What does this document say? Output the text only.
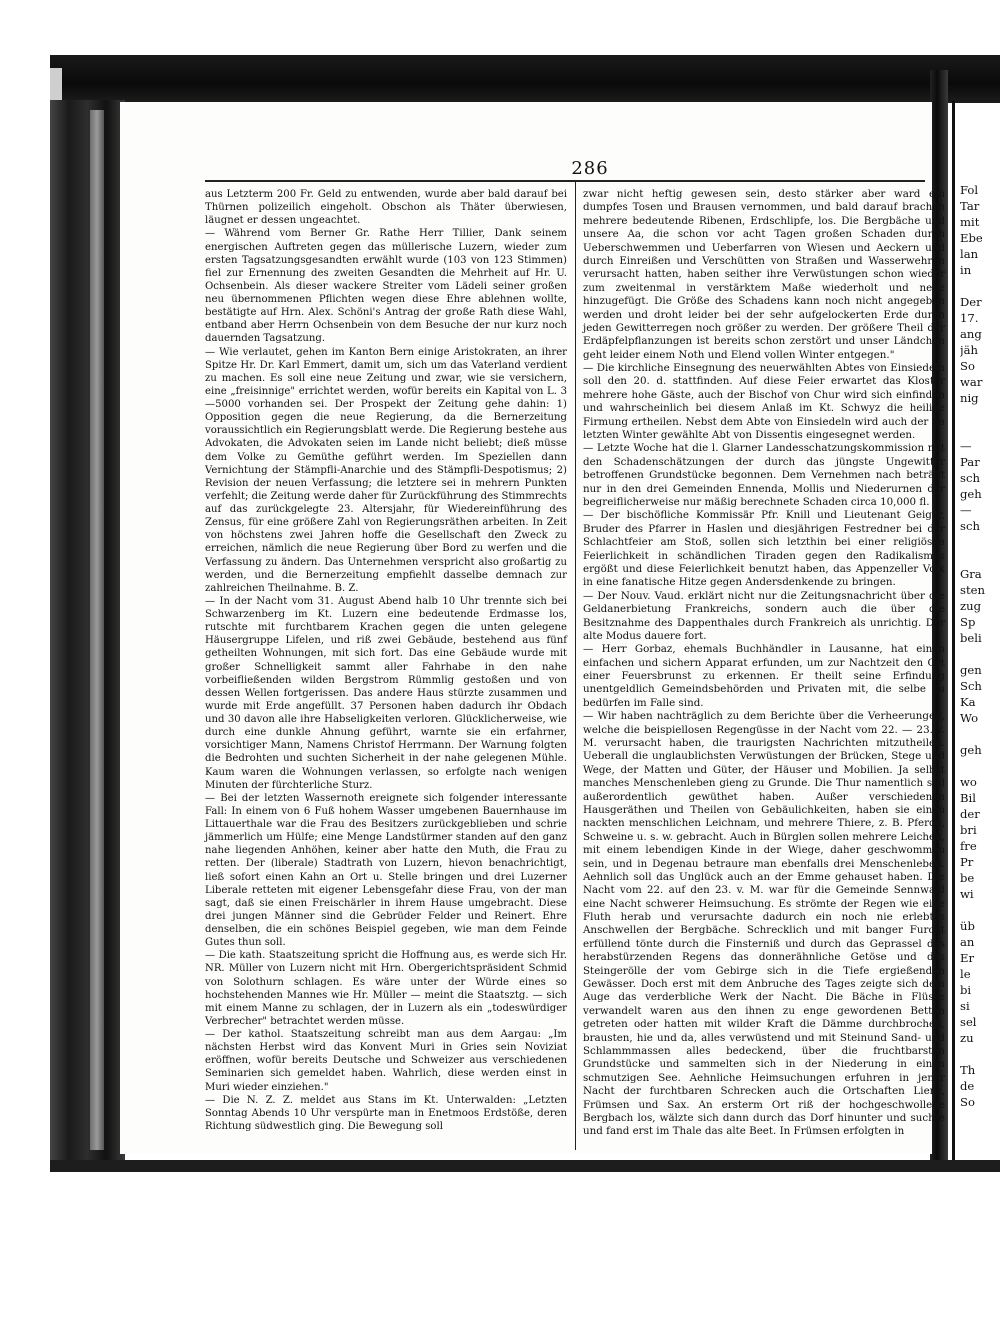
286

aus Letzterm 200 Fr. Geld zu entwenden, wurde aber bald darauf bei Thürnen polizeilich eingeholt. Obschon als Thäter überwiesen, läugnet er dessen ungeachtet.

— Während vom Berner Gr. Rathe Herr Tillier, Dank seinem energischen Auftreten gegen das müllerische Luzern, wieder zum ersten Tagsatzungsgesandten erwählt wurde (103 von 123 Stimmen) fiel zur Ernennung des zweiten Gesandten die Mehrheit auf Hr. U. Ochsenbein. Als dieser wackere Streiter vom Lädeli seiner großen neu übernommenen Pflichten wegen diese Ehre ablehnen wollte, bestätigte auf Hrn. Alex. Schöni's Antrag der große Rath diese Wahl, entband aber Herrn Ochsenbein von dem Besuche der nur kurz noch dauernden Tagsatzung.

— Wie verlautet, gehen im Kanton Bern einige Aristokraten, an ihrer Spitze Hr. Dr. Karl Emmert, damit um, sich um das Vaterland verdient zu machen. Es soll eine neue Zeitung und zwar, wie sie versichern, eine „freisinnige" errichtet werden, wofür bereits ein Kapital von L. 3—5000 vorhanden sei. Der Prospekt der Zeitung gehe dahin: 1) Opposition gegen die neue Regierung, da die Bernerzeitung voraussichtlich ein Regierungsblatt werde. Die Regierung bestehe aus Advokaten, die Advokaten seien im Lande nicht beliebt; dieß müsse dem Volke zu Gemüthe geführt werden. Im Speziellen dann Vernichtung der Stämpfli-Anarchie und des Stämpfli-Despotismus; 2) Revision der neuen Verfassung; die letztere sei in mehrern Punkten verfehlt; die Zeitung werde daher für Zurückführung des Stimmrechts auf das zurückgelegte 23. Altersjahr, für Wiedereinführung des Zensus, für eine größere Zahl von Regierungsräthen arbeiten. In Zeit von höchstens zwei Jahren hoffe die Gesellschaft den Zweck zu erreichen, nämlich die neue Regierung über Bord zu werfen und die Verfassung zu ändern. Das Unternehmen verspricht also großartig zu werden, und die Bernerzeitung empfiehlt dasselbe demnach zur zahlreichen Theilnahme. B. Z.

— In der Nacht vom 31. August Abend halb 10 Uhr trennte sich bei Schwarzenberg im Kt. Luzern eine bedeutende Erdmasse los, rutschte mit furchtbarem Krachen gegen die unten gelegene Häusergruppe Lifelen, und riß zwei Gebäude, bestehend aus fünf getheilten Wohnungen, mit sich fort. Das eine Gebäude wurde mit großer Schnelligkeit sammt aller Fahrhabe in den nahe vorbeifließenden wilden Bergstrom Rümmlig gestoßen und von dessen Wellen fortgerissen. Das andere Haus stürzte zusammen und wurde mit Erde angefüllt. 37 Personen haben dadurch ihr Obdach und 30 davon alle ihre Habseligkeiten verloren. Glücklicherweise, wie durch eine dunkle Ahnung geführt, warnte sie ein erfahrner, vorsichtiger Mann, Namens Christof Herrmann. Der Warnung folgten die Bedrohten und suchten Sicherheit in der nahe gelegenen Mühle. Kaum waren die Wohnungen verlassen, so erfolgte nach wenigen Minuten der fürchterliche Sturz.

— Bei der letzten Wassernoth ereignete sich folgender interessante Fall: In einem von 6 Fuß hohem Wasser umgebenen Bauernhause im Littauerthale war die Frau des Besitzers zurückgeblieben und schrie jämmerlich um Hülfe; eine Menge Landstürmer standen auf den ganz nahe liegenden Anhöhen, keiner aber hatte den Muth, die Frau zu retten. Der (liberale) Stadtrath von Luzern, hievon benachrichtigt, ließ sofort einen Kahn an Ort u. Stelle bringen und drei Luzerner Liberale retteten mit eigener Lebensgefahr diese Frau, von der man sagt, daß sie einen Freischärler in ihrem Hause umgebracht. Diese drei jungen Männer sind die Gebrüder Felder und Reinert. Ehre denselben, die ein schönes Beispiel gegeben, wie man dem Feinde Gutes thun soll.

— Die kath. Staatszeitung spricht die Hoffnung aus, es werde sich Hr. NR. Müller von Luzern nicht mit Hrn. Obergerichtspräsident Schmid von Solothurn schlagen. Es wäre unter der Würde eines so hochstehenden Mannes wie Hr. Müller — meint die Staatsztg. — sich mit einem Manne zu schlagen, der in Luzern als ein „todeswürdiger Verbrecher" betrachtet werden müsse.

— Der kathol. Staatszeitung schreibt man aus dem Aargau: „Im nächsten Herbst wird das Konvent Muri in Gries sein Noviziat eröffnen, wofür bereits Deutsche und Schweizer aus verschiedenen Seminarien sich gemeldet haben. Wahrlich, diese werden einst in Muri wieder einziehen."

— Die N. Z. Z. meldet aus Stans im Kt. Unterwalden: „Letzten Sonntag Abends 10 Uhr verspürte man in Enetmoos Erdstöße, deren Richtung südwestlich ging. Die Bewegung soll

zwar nicht heftig gewesen sein, desto stärker aber ward ein dumpfes Tosen und Brausen vernommen, und bald darauf brachen mehrere bedeutende Ribenen, Erdschlipfe, los. Die Bergbäche und unsere Aa, die schon vor acht Tagen großen Schaden durch Ueberschwemmen und Ueberfarren von Wiesen und Aeckern und durch Einreißen und Verschütten von Straßen und Wasserwehren verursacht hatten, haben seither ihre Verwüstungen schon wieder zum zweitenmal in verstärktem Maße wiederholt und neue hinzugefügt. Die Größe des Schadens kann noch nicht angegeben werden und droht leider bei der sehr aufgelockerten Erde durch jeden Gewitterregen noch größer zu werden. Der größere Theil der Erdäpfelpflanzungen ist bereits schon zerstört und unser Ländchen geht leider einem Noth und Elend vollen Winter entgegen."

— Die kirchliche Einsegnung des neuerwählten Abtes von Einsiedeln soll den 20. d. stattfinden. Auf diese Feier erwartet das Kloster mehrere hohe Gäste, auch der Bischof von Chur wird sich einfinden und wahrscheinlich bei diesem Anlaß im Kt. Schwyz die heilige Firmung ertheilen. Nebst dem Abte von Einsiedeln wird auch der im letzten Winter gewählte Abt von Dissentis eingesegnet werden.

— Letzte Woche hat die l. Glarner Landesschatzungskommission mit den Schadenschätzungen der durch das jüngste Ungewitter betroffenen Grundstücke begonnen. Dem Vernehmen nach beträgt nur in den drei Gemeinden Ennenda, Mollis und Niederurnen der begreiflicherweise nur mäßig berechnete Schaden circa 10,000 fl.

— Der bischöfliche Kommissär Pfr. Knill und Lieutenant Geiger, Bruder des Pfarrer in Haslen und diesjährigen Festredner bei der Schlachtfeier am Stoß, sollen sich letzthin bei einer religiösen Feierlichkeit in schändlichen Tiraden gegen den Radikalismus ergößt und diese Feierlichkeit benutzt haben, das Appenzeller Volk in eine fanatische Hitze gegen Andersdenkende zu bringen.

— Der Nouv. Vaud. erklärt nicht nur die Zeitungsnachricht über die Geldanerbietung Frankreichs, sondern auch die über die Besitznahme des Dappenthales durch Frankreich als unrichtig. Der alte Modus dauere fort.

— Herr Gorbaz, ehemals Buchhändler in Lausanne, hat einen einfachen und sichern Apparat erfunden, um zur Nachtzeit den Ort einer Feuersbrunst zu erkennen. Er theilt seine Erfindung unentgeldlich Gemeindsbehörden und Privaten mit, die selbe zu bedürfen im Falle sind.

— Wir haben nachträglich zu dem Berichte über die Verheerungen, welche die beispiellosen Regengüsse in der Nacht vom 22. — 23. v. M. verursacht haben, die traurigsten Nachrichten mitzutheilen. Ueberall die unglaublichsten Verwüstungen der Brücken, Stege und Wege, der Matten und Güter, der Häuser und Mobilien. Ja selbst manches Menschenleben gieng zu Grunde. Die Thur namentlich soll außerordentlich gewüthet haben. Außer verschiedenen Hausgeräthen und Theilen von Gebäulichkeiten, haben sie einen nackten menschlichen Leichnam, und mehrere Thiere, z. B. Pferde, Schweine u. s. w. gebracht. Auch in Bürglen sollen mehrere Leichen, mit einem lebendigen Kinde in der Wiege, daher geschwommen sein, und in Degenau betraure man ebenfalls drei Menschenleben. Aehnlich soll das Unglück auch an der Emme gehauset haben. Die Nacht vom 22. auf den 23. v. M. war für die Gemeinde Sennwald eine Nacht schwerer Heimsuchung. Es strömte der Regen wie eine Fluth herab und verursachte dadurch ein noch nie erlebtes Anschwellen der Bergbäche. Schrecklich und mit banger Furcht erfüllend tönte durch die Finsterniß und durch das Geprassel des herabstürzenden Regens das donnerähnliche Getöse und das Steingerölle der vom Gebirge sich in die Tiefe ergießenden Gewässer. Doch erst mit dem Anbruche des Tages zeigte sich dem Auge das verderbliche Werk der Nacht. Die Bäche in Flüsse verwandelt waren aus den ihnen zu enge gewordenen Betten getreten oder hatten mit wilder Kraft die Dämme durchbrochen, brausten, hie und da, alles verwüstend und mit Steinund Sand- und Schlammmassen alles bedeckend, über die fruchtbarsten Grundstücke und sammelten sich in der Niederung in einen schmutzigen See. Aehnliche Heimsuchungen erfuhren in jener Nacht der furchtbaren Schrecken auch die Ortschaften Lienz, Frümsen und Sax. An ersterm Ort riß der hochgeschwollene Bergbach los, wälzte sich dann durch das Dorf hinunter und suchte und fand erst im Thale das alte Beet. In Frümsen erfolgten in

Fol
Tar
mit
Ebe
lan
in

Der
17.
ang
jäh
So
war
nig

—
Par
sch
geh
—
sch

Gra
sten
zug
Sp
beli

gen
Sch
Ka
Wo

geh

wo
Bil
der
bri
fre
Pr
be
wi

üb
an
Er
le
bi
si
sel
zu

Th
de
So
